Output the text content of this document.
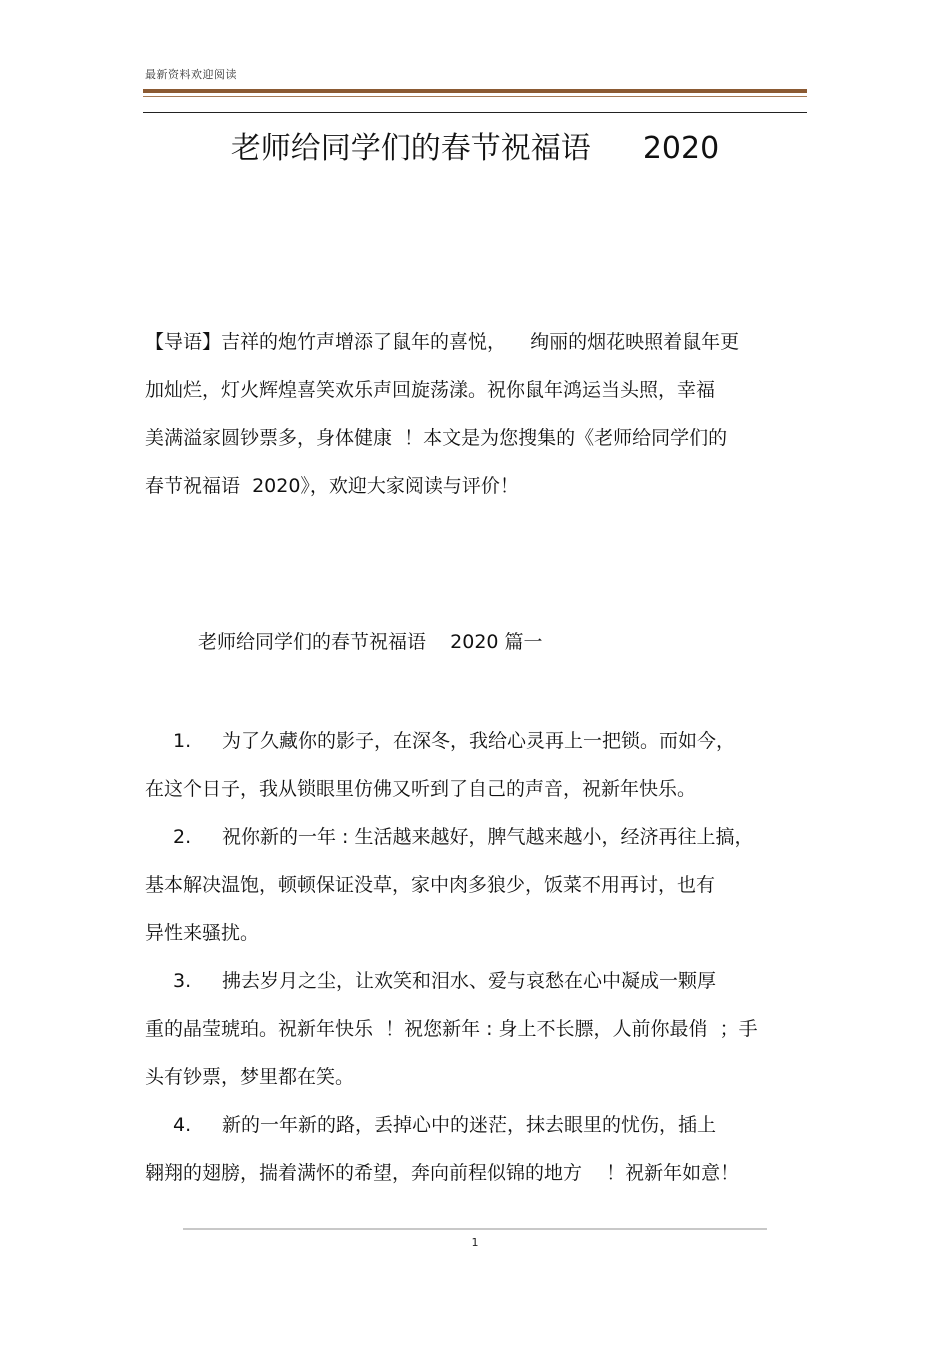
最新资料欢迎阅读
老师给同学们的春节祝福语 2020
【导语】吉祥的炮竹声增添了鼠年的喜悦，    绚丽的烟花映照着鼠年更
加灿烂，灯火辉煌喜笑欢乐声回旋荡漾。祝你鼠年鸿运当头照，幸福
美满溢家圆钞票多，身体健康  ！本文是为您搜集的《老师给同学们的
春节祝福语  2020》，欢迎大家阅读与评价！
老师给同学们的春节祝福语    2020 篇一
1. 为了久藏你的影子，在深冬，我给心灵再上一把锁。而如今，
在这个日子，我从锁眼里仿佛又听到了自己的声音，祝新年快乐。
2. 祝你新的一年 : 生活越来越好，脾气越来越小，经济再往上搞，
基本解决温饱，顿顿保证没草，家中肉多狼少，饭菜不用再讨，也有
异性来骚扰。
3. 拂去岁月之尘，让欢笑和泪水、爱与哀愁在心中凝成一颗厚
重的晶莹琥珀。祝新年快乐  ！祝您新年 : 身上不长膘，人前你最俏  ；手
头有钞票，梦里都在笑。
4. 新的一年新的路，丢掉心中的迷茫，抹去眼里的忧伤，插上
翱翔的翅膀，揣着满怀的希望，奔向前程似锦的地方    ！祝新年如意！
1
